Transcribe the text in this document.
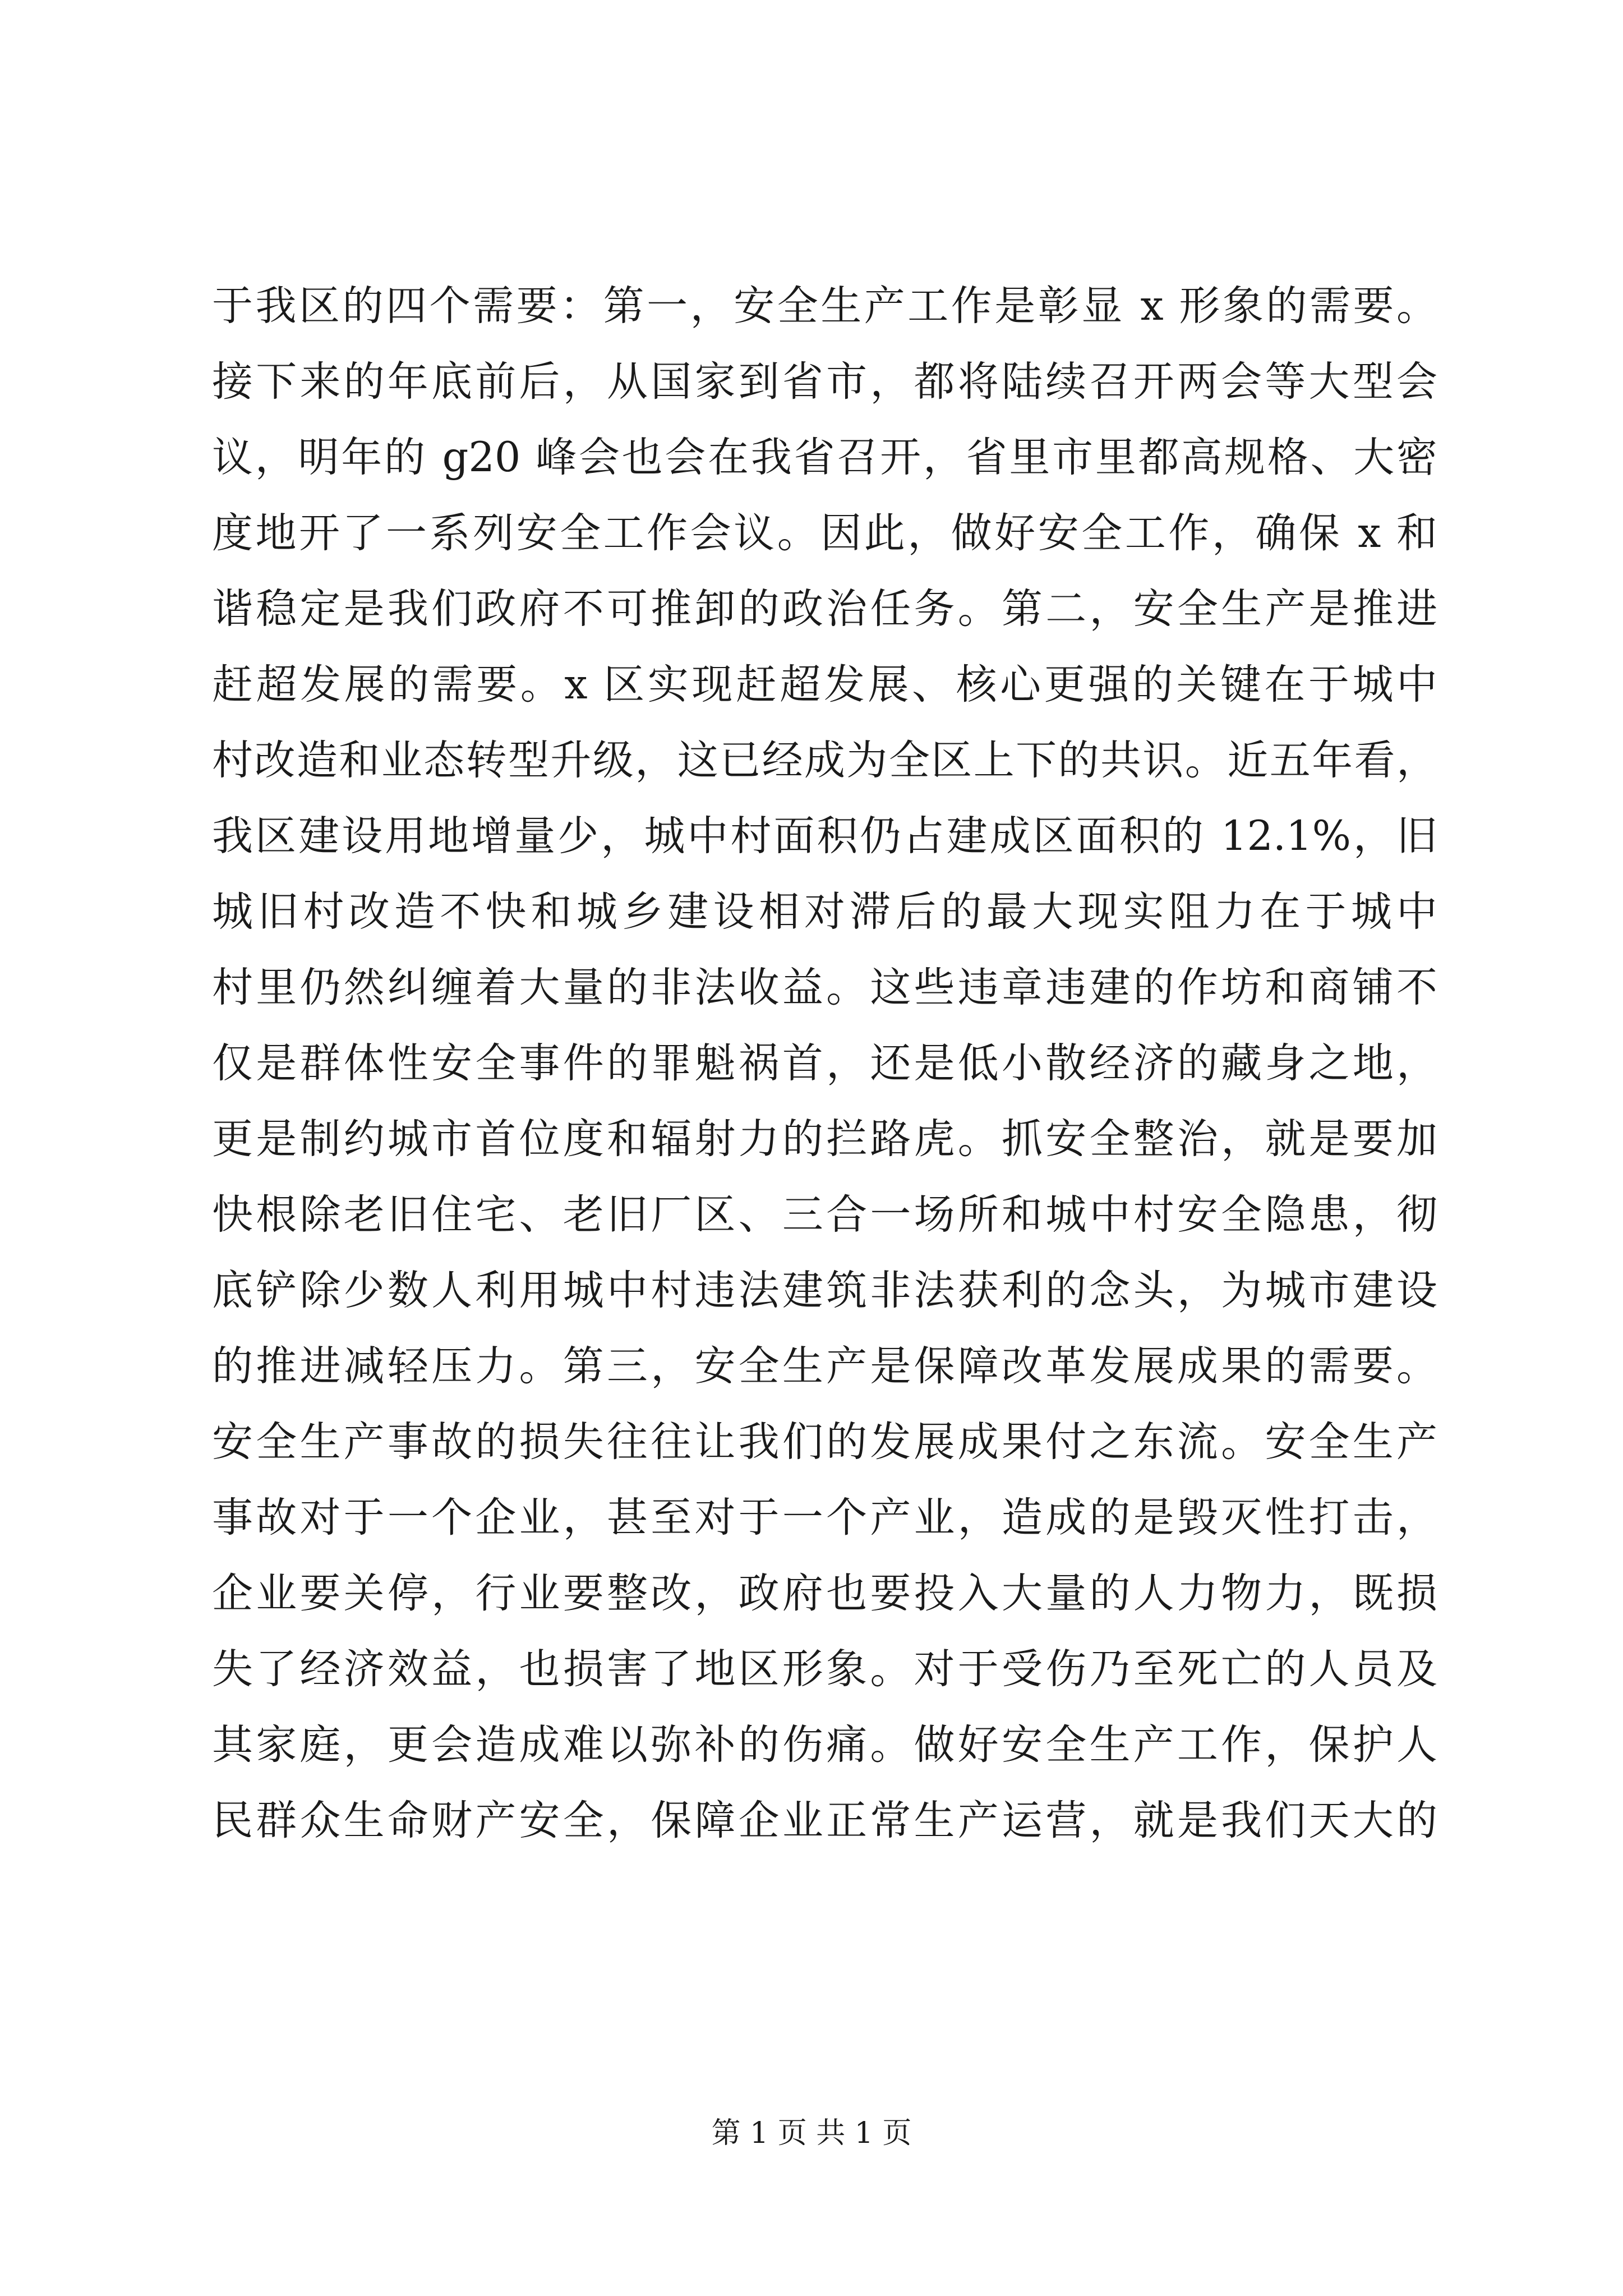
于我区的四个需要：第一，安全生产工作是彰显 x 形象的需要。
接下来的年底前后，从国家到省市，都将陆续召开两会等大型会
议，明年的 g20 峰会也会在我省召开，省里市里都高规格、大密
度地开了一系列安全工作会议。因此，做好安全工作，确保 x 和
谐稳定是我们政府不可推卸的政治任务。第二，安全生产是推进
赶超发展的需要。x 区实现赶超发展、核心更强的关键在于城中
村改造和业态转型升级，这已经成为全区上下的共识。近五年看，
我区建设用地增量少，城中村面积仍占建成区面积的 12.1%，旧
城旧村改造不快和城乡建设相对滞后的最大现实阻力在于城中
村里仍然纠缠着大量的非法收益。这些违章违建的作坊和商铺不
仅是群体性安全事件的罪魁祸首，还是低小散经济的藏身之地，
更是制约城市首位度和辐射力的拦路虎。抓安全整治，就是要加
快根除老旧住宅、老旧厂区、三合一场所和城中村安全隐患，彻
底铲除少数人利用城中村违法建筑非法获利的念头，为城市建设
的推进减轻压力。第三，安全生产是保障改革发展成果的需要。
安全生产事故的损失往往让我们的发展成果付之东流。安全生产
事故对于一个企业，甚至对于一个产业，造成的是毁灭性打击，
企业要关停，行业要整改，政府也要投入大量的人力物力，既损
失了经济效益，也损害了地区形象。对于受伤乃至死亡的人员及
其家庭，更会造成难以弥补的伤痛。做好安全生产工作，保护人
民群众生命财产安全，保障企业正常生产运营，就是我们天大的
第 1 页 共 1 页
